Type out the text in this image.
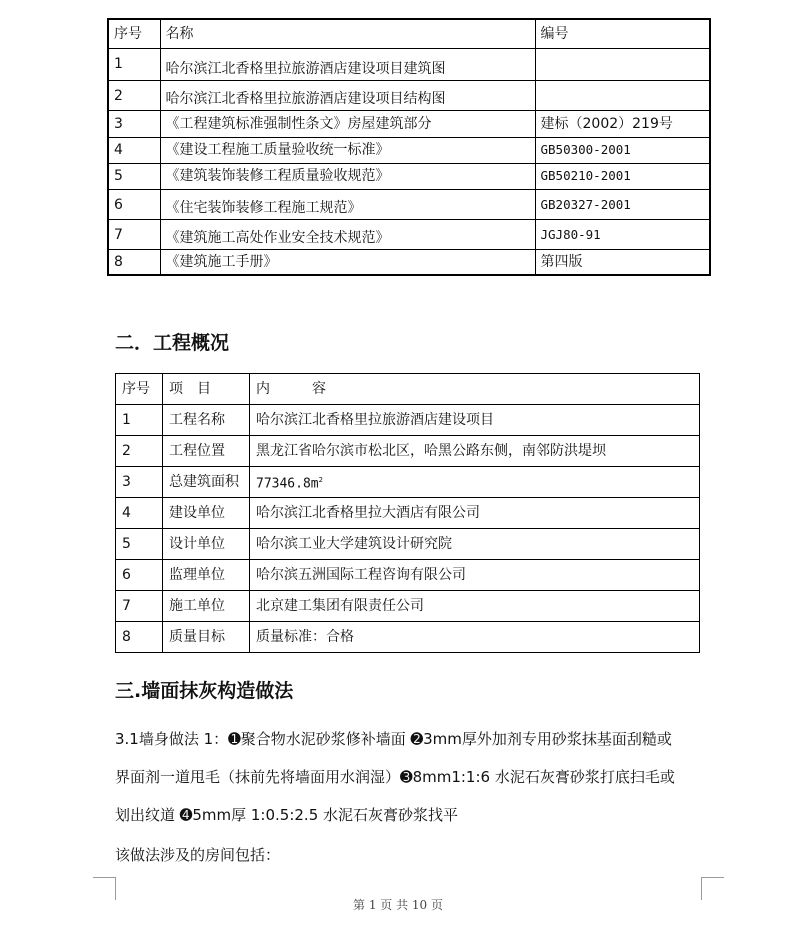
序号	名称	编号
1	哈尔滨江北香格里拉旅游酒店建设项目建筑图	
2	哈尔滨江北香格里拉旅游酒店建设项目结构图	
3	《工程建筑标准强制性条文》房屋建筑部分	建标（2002）219号
4	《建设工程施工质量验收统一标准》	GB50300-2001
5	《建筑装饰装修工程质量验收规范》	GB50210-2001
6	《住宅装饰装修工程施工规范》	GB20327-2001
7	《建筑施工高处作业安全技术规范》	JGJ80-91
8	《建筑施工手册》	第四版
二．工程概况
序号	项　目	内　　　容
1	工程名称	哈尔滨江北香格里拉旅游酒店建设项目
2	工程位置	黑龙江省哈尔滨市松北区，哈黑公路东侧，南邻防洪堤坝
3	总建筑面积	$77346.8m^2$
4	建设单位	哈尔滨江北香格里拉大酒店有限公司
5	设计单位	哈尔滨工业大学建筑设计研究院
6	监理单位	哈尔滨五洲国际工程咨询有限公司
7	施工单位	北京建工集团有限责任公司
8	质量目标	质量标准：合格
三.墙面抹灰构造做法

3.1墙身做法 1：➊聚合物水泥砂浆修补墙面 ➋3mm厚外加剂专用砂浆抹基面刮糙或
界面剂一道甩毛（抹前先将墙面用水润湿）➌8mm1:1:6 水泥石灰膏砂浆打底扫毛或
划出纹道 ➍5mm厚 1:0.5:2.5 水泥石灰膏砂浆找平

该做法涉及的房间包括：

第 1 页 共 10 页
